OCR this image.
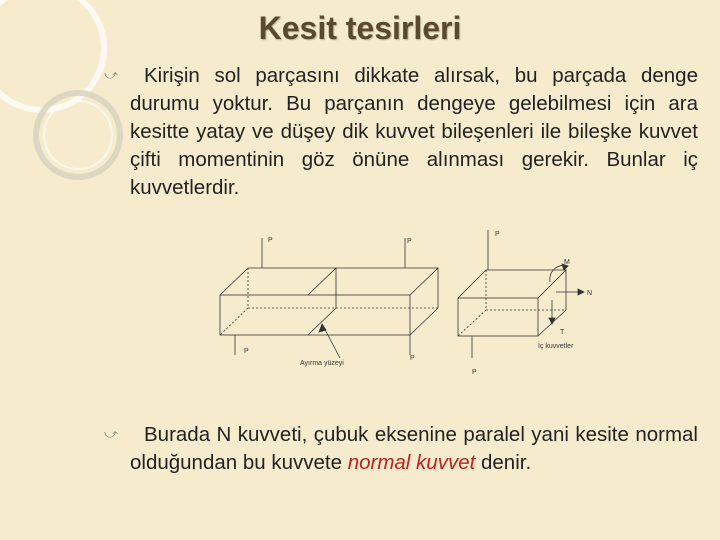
Kesit tesirleri
⤻	Kirişin sol parçasını dikkate alırsak, bu parçada denge durumu yoktur. Bu parçanın dengeye gelebilmesi için ara kesitte yatay ve düşey dik kuvvet bileşenleri ile bileşke kuvvet çifti momentinin göz önüne alınması gerekir. Bunlar iç kuvvetlerdir.
P	P
P
P
Ayırma yüzeyi
P
M
N
T
İç kuvvetler
P
⤻	Burada N kuvveti, çubuk eksenine paralel yani kesite normal olduğundan bu kuvvete normal kuvvet denir.
